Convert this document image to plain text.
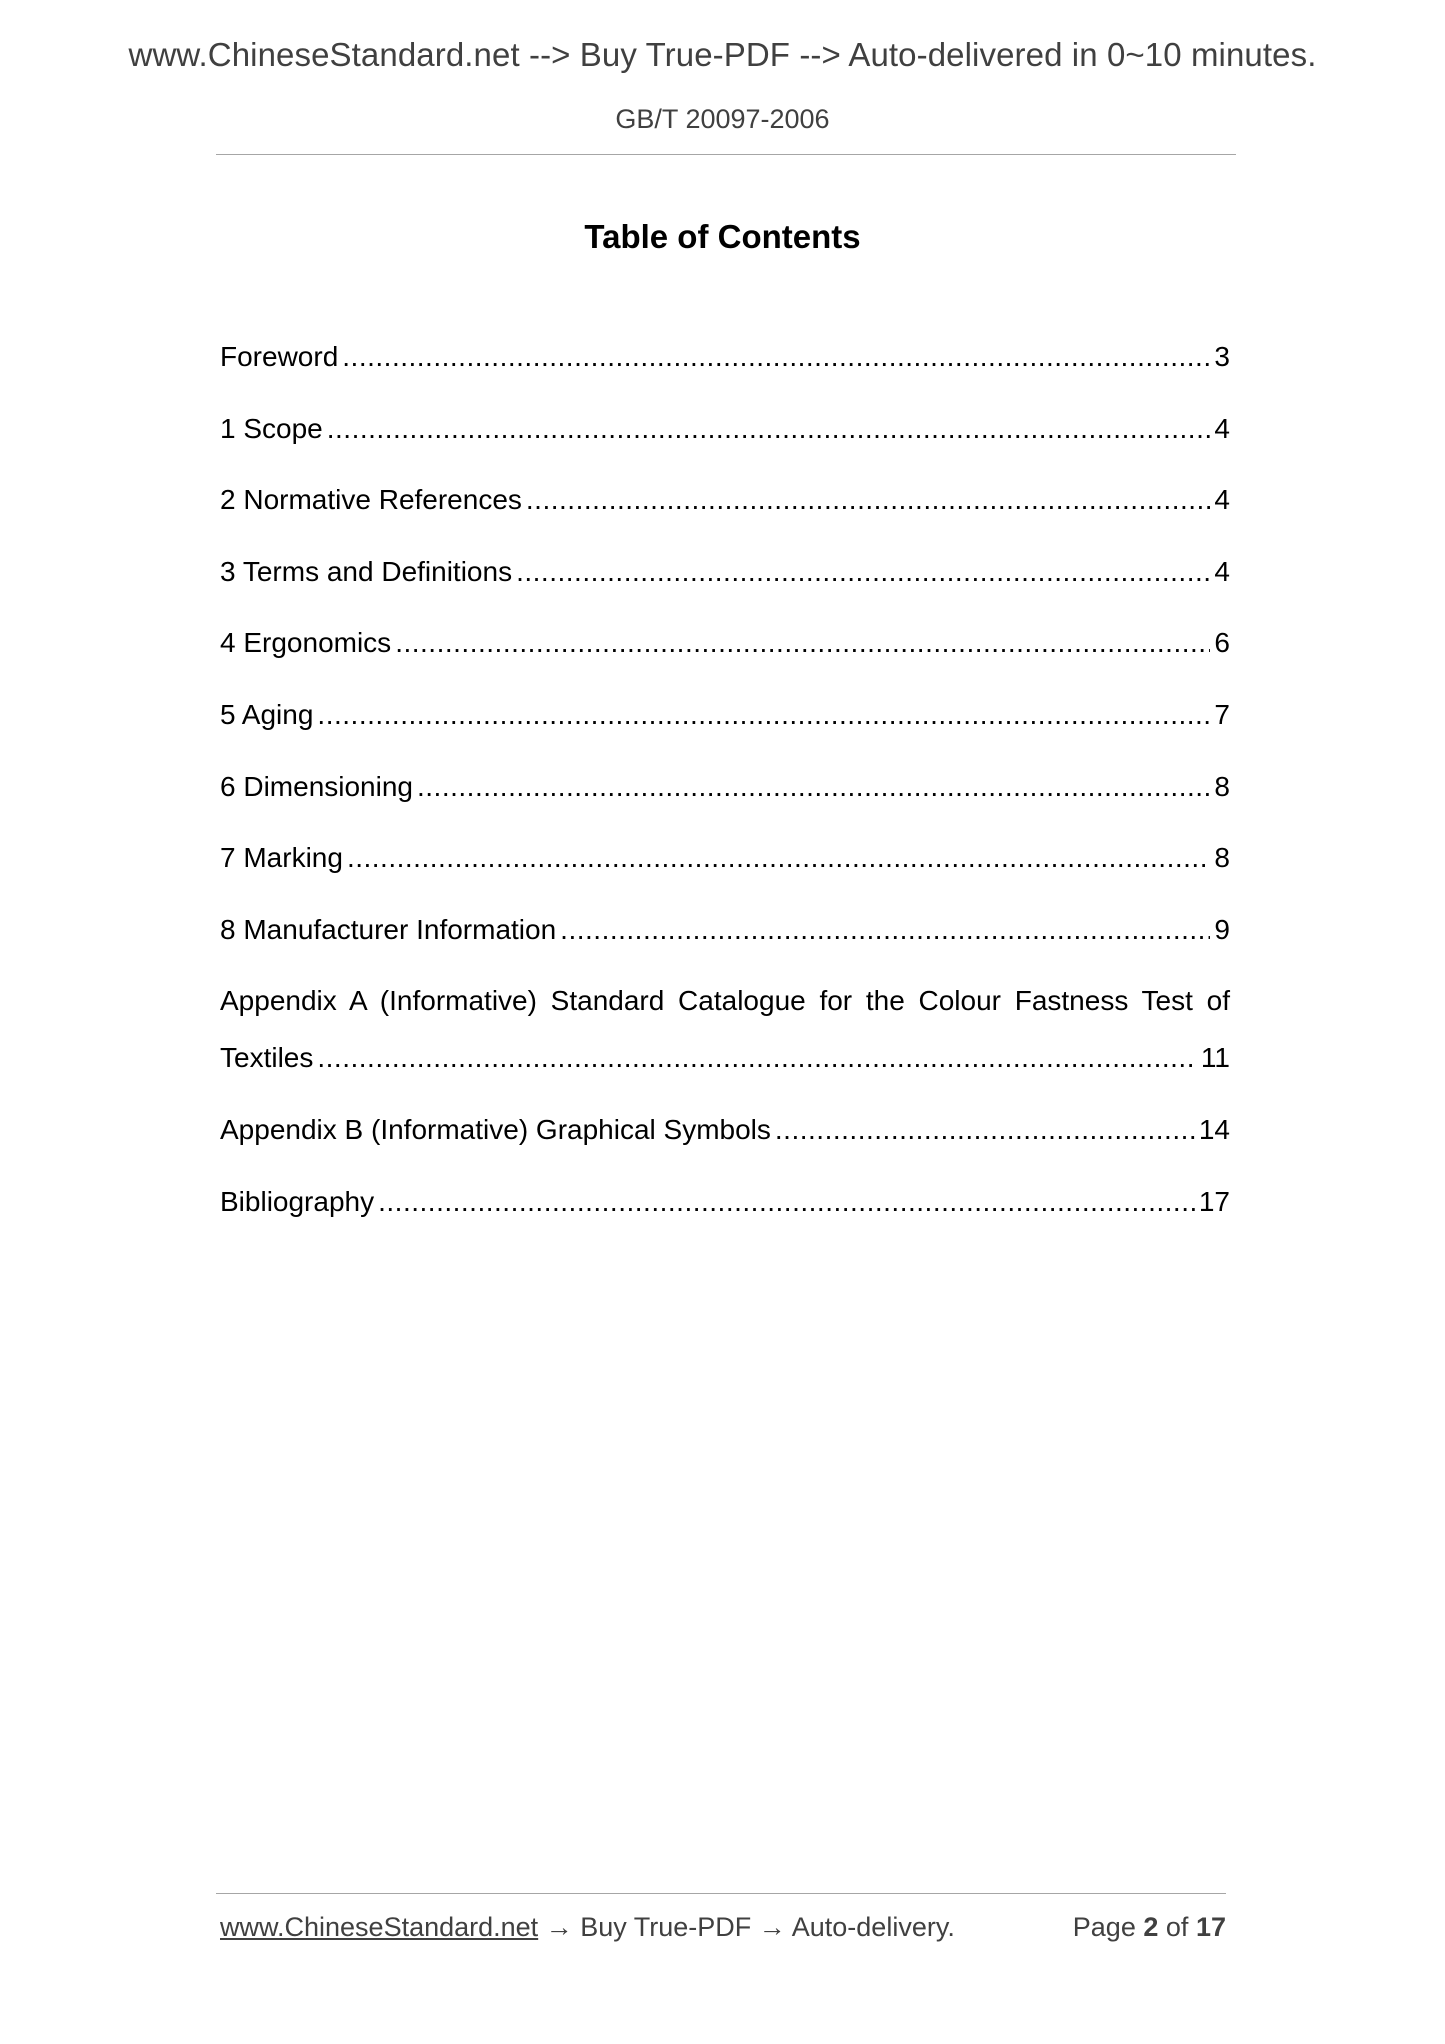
www.ChineseStandard.net --> Buy True-PDF --> Auto-delivered in 0~10 minutes.
GB/T 20097-2006
Table of Contents
Foreword .....	3
1 Scope .....	4
2 Normative References .....	4
3 Terms and Definitions .....	4
4 Ergonomics .....	6
5 Aging .....	7
6 Dimensioning .....	8
7 Marking .....	8
8 Manufacturer Information .....	9
Appendix A (Informative) Standard Catalogue for the Colour Fastness Test of
Textiles .....	11
Appendix B (Informative) Graphical Symbols .....	14
Bibliography .....	17
www.ChineseStandard.net → Buy True-PDF → Auto-delivery.	Page 2 of 17
